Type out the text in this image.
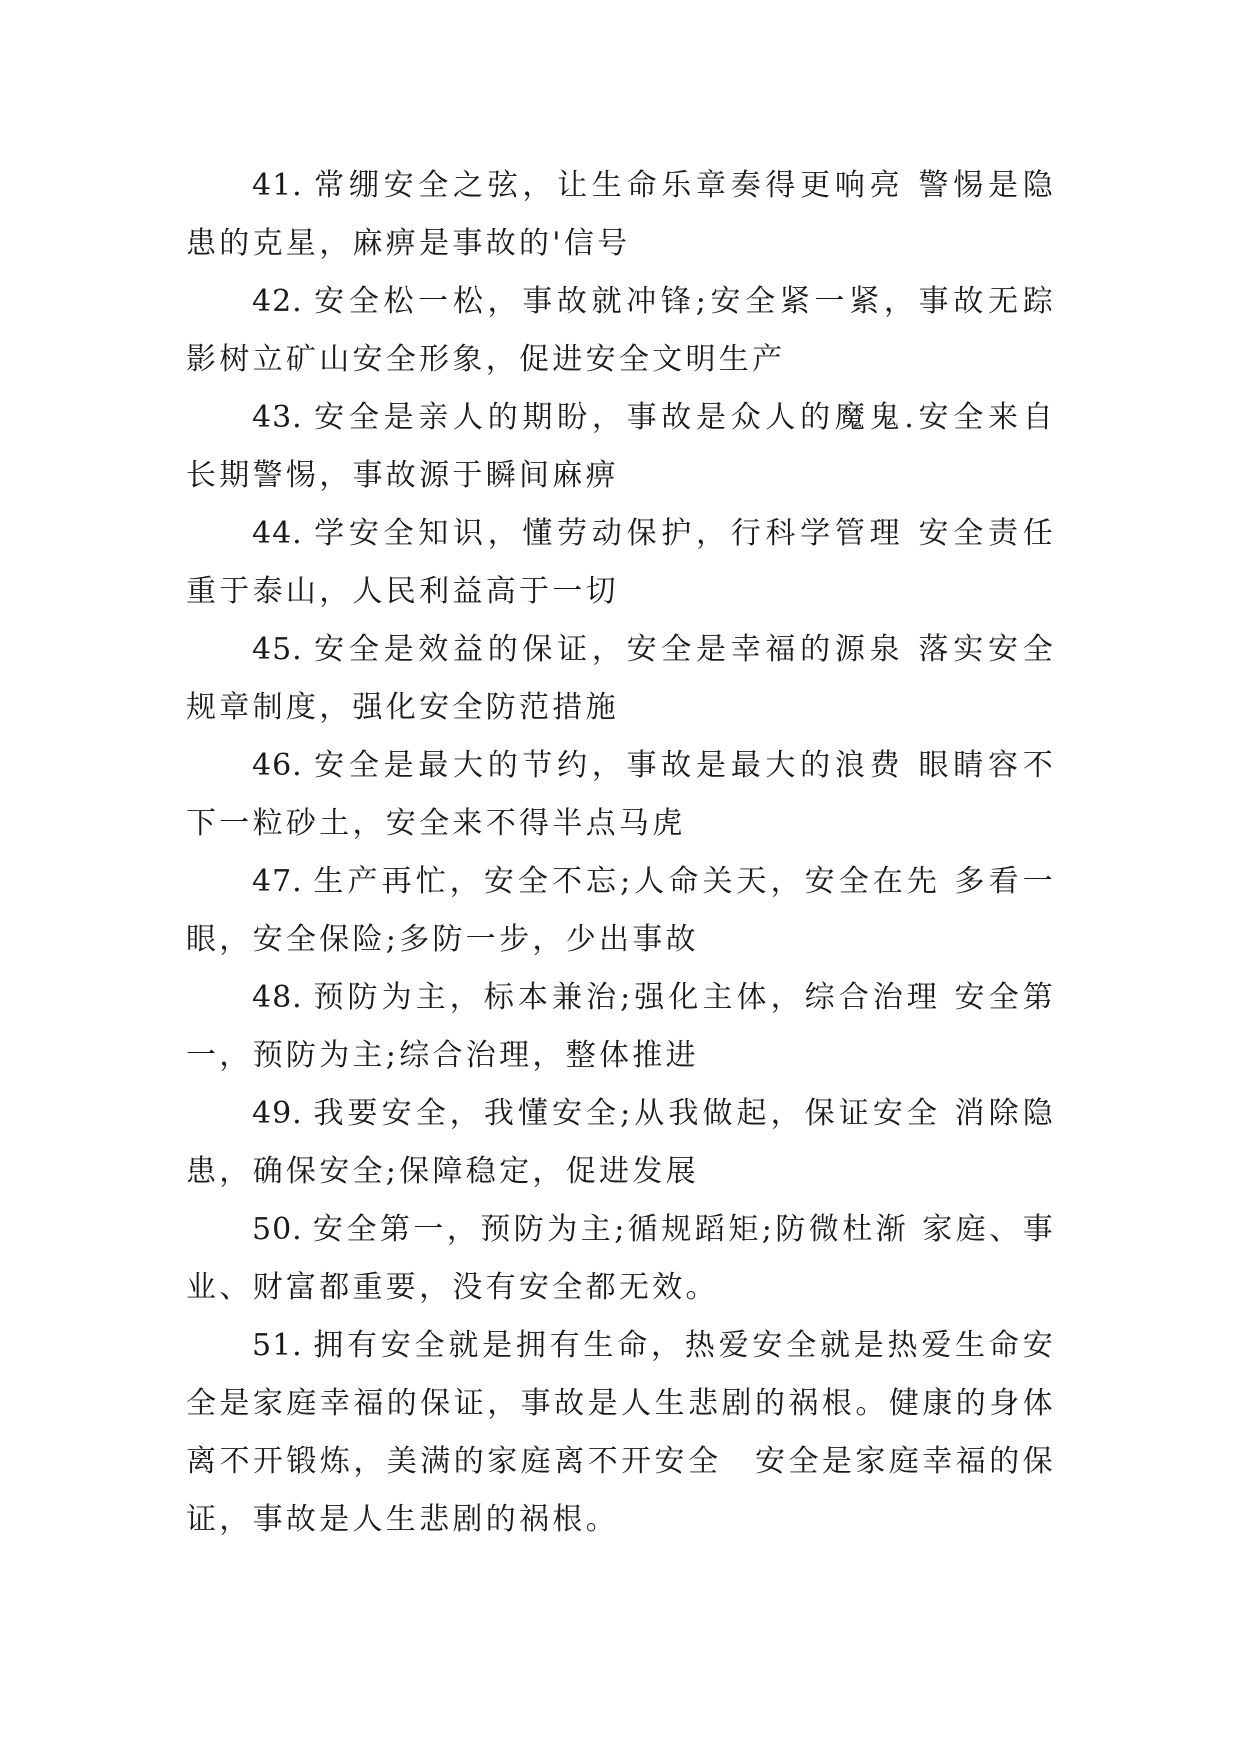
41. 常绷安全之弦，让生命乐章奏得更响亮 警惕是隐患的克星，麻痹是事故的'信号

42. 安全松一松，事故就冲锋;安全紧一紧，事故无踪影树立矿山安全形象，促进安全文明生产

43. 安全是亲人的期盼，事故是众人的魔鬼.安全来自长期警惕，事故源于瞬间麻痹

44. 学安全知识，懂劳动保护，行科学管理 安全责任重于泰山，人民利益高于一切

45. 安全是效益的保证，安全是幸福的源泉 落实安全规章制度，强化安全防范措施

46. 安全是最大的节约，事故是最大的浪费 眼睛容不下一粒砂土，安全来不得半点马虎

47. 生产再忙，安全不忘;人命关天，安全在先 多看一眼，安全保险;多防一步，少出事故

48. 预防为主，标本兼治;强化主体，综合治理 安全第一，预防为主;综合治理，整体推进

49. 我要安全，我懂安全;从我做起，保证安全 消除隐患，确保安全;保障稳定，促进发展

50. 安全第一，预防为主;循规蹈矩;防微杜渐 家庭、事业、财富都重要，没有安全都无效。

51. 拥有安全就是拥有生命，热爱安全就是热爱生命安全是家庭幸福的保证，事故是人生悲剧的祸根。健康的身体离不开锻炼，美满的家庭离不开安全　安全是家庭幸福的保证，事故是人生悲剧的祸根。
